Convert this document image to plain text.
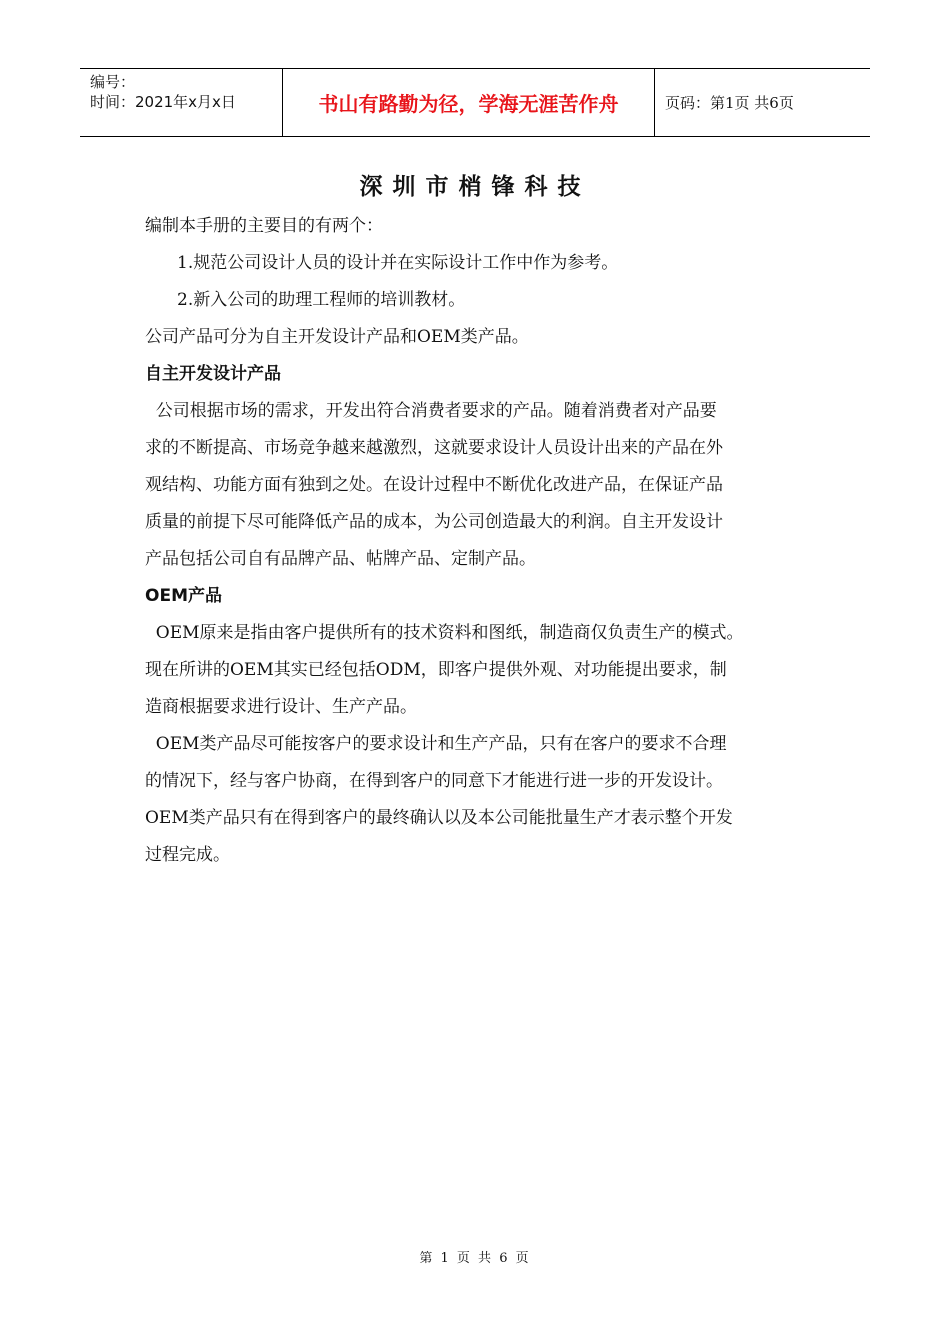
编号：
时间：2021年x月x日	书山有路勤为径，学海无涯苦作舟	页码：第1页 共6页
深圳市梢锋科技

编制本手册的主要目的有两个：

1.规范公司设计人员的设计并在实际设计工作中作为参考。

2.新入公司的助理工程师的培训教材。

公司产品可分为自主开发设计产品和OEM类产品。

自主开发设计产品

公司根据市场的需求，开发出符合消费者要求的产品。随着消费者对产品要

求的不断提高、市场竞争越来越激烈，这就要求设计人员设计出来的产品在外

观结构、功能方面有独到之处。在设计过程中不断优化改进产品，在保证产品

质量的前提下尽可能降低产品的成本，为公司创造最大的利润。自主开发设计

产品包括公司自有品牌产品、帖牌产品、定制产品。

OEM产品

OEM原来是指由客户提供所有的技术资料和图纸，制造商仅负责生产的模式。

现在所讲的OEM其实已经包括ODM，即客户提供外观、对功能提出要求，制

造商根据要求进行设计、生产产品。

OEM类产品尽可能按客户的要求设计和生产产品，只有在客户的要求不合理

的情况下，经与客户协商，在得到客户的同意下才能进行进一步的开发设计。

OEM类产品只有在得到客户的最终确认以及本公司能批量生产才表示整个开发

过程完成。

第 1 页 共 6 页
